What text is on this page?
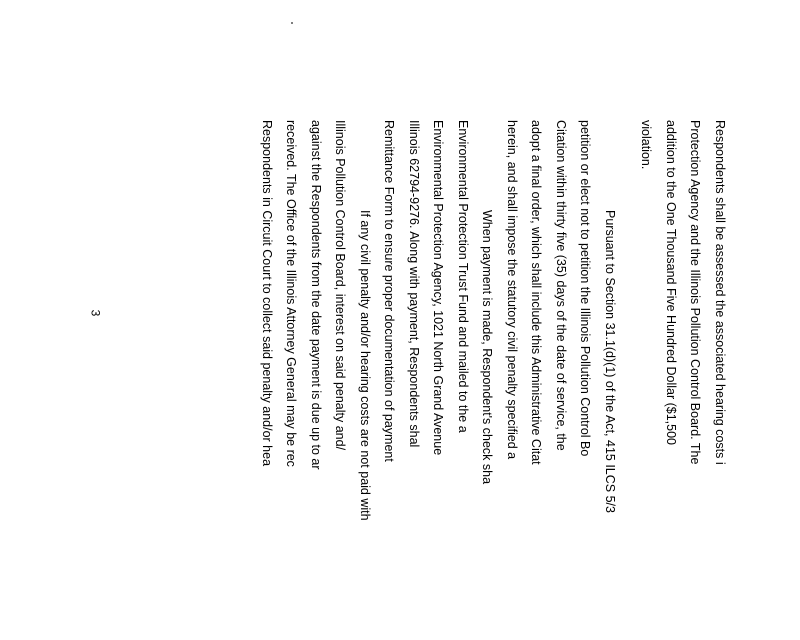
Respondents shall be assessed the associated hearing costs i
Protection Agency and the Illinois Pollution Control Board. The
addition to the One Thousand Five Hundred Dollar ($1,500
violation.
Pursuant to Section 31.1(d)(1) of the Act, 415 ILCS 5/3
petition or elect not to petition the Illinois Pollution Control Bo
Citation within thirty five (35) days of the date of service, the
adopt a final order, which shall include this Administrative Citat
herein, and shall impose the statutory civil penalty specified a
When payment is made, Respondent's check sha
Environmental Protection Trust Fund and mailed to the a
Environmental Protection Agency, 1021 North Grand Avenue
Illinois 62794-9276. Along with payment, Respondents shal
Remittance Form to ensure proper documentation of payment
If any civil penalty and/or hearing costs are not paid with
Illinois Pollution Control Board, interest on said penalty and/
against the Respondents from the date payment is due up to ar
received. The Office of the Illinois Attorney General may be rec
Respondents in Circuit Court to collect said penalty and/or hea
3
